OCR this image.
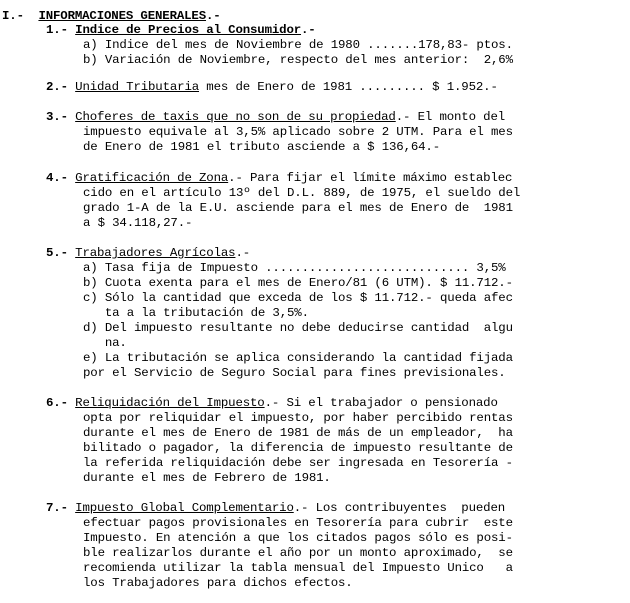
I.- INFORMACIONES GENERALES.-
1.- Indice de Precios al Consumidor.-
a) Indice del mes de Noviembre de 1980 .......178,83- ptos.
b) Variación de Noviembre, respecto del mes anterior:  2,6%
2.- Unidad Tributaria mes de Enero de 1981 ......... $ 1.952.-
3.- Choferes de taxis que no son de su propiedad.- El monto del
impuesto equivale al 3,5% aplicado sobre 2 UTM. Para el mes
de Enero de 1981 el tributo asciende a $ 136,64.-
4.- Gratificación de Zona.- Para fijar el límite máximo establec
cido en el artículo 13º del D.L. 889, de 1975, el sueldo del
grado 1-A de la E.U. asciende para el mes de Enero de  1981
a $ 34.118,27.-
5.- Trabajadores Agrícolas.-
a) Tasa fija de Impuesto ............................ 3,5%
b) Cuota exenta para el mes de Enero/81 (6 UTM). $ 11.712.-
c) Sólo la cantidad que exceda de los $ 11.712.- queda afec
ta a la tributación de 3,5%.
d) Del impuesto resultante no debe deducirse cantidad  algu
na.
e) La tributación se aplica considerando la cantidad fijada
por el Servicio de Seguro Social para fines previsionales.
6.- Reliquidación del Impuesto.- Si el trabajador o pensionado
opta por reliquidar el impuesto, por haber percibido rentas
durante el mes de Enero de 1981 de más de un empleador,  ha
bilitado o pagador, la diferencia de impuesto resultante de
la referida reliquidación debe ser ingresada en Tesorería -
durante el mes de Febrero de 1981.
7.- Impuesto Global Complementario.- Los contribuyentes  pueden
efectuar pagos provisionales en Tesorería para cubrir  este
Impuesto. En atención a que los citados pagos sólo es posi-
ble realizarlos durante el año por un monto aproximado,  se
recomienda utilizar la tabla mensual del Impuesto Unico   a
los Trabajadores para dichos efectos.
